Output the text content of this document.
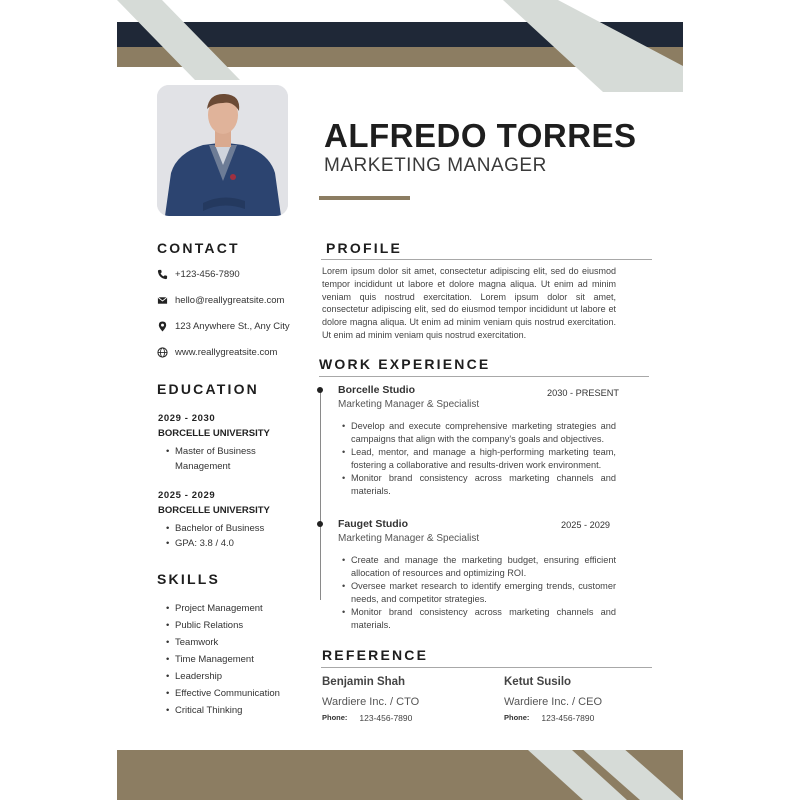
ALFREDO TORRES
MARKETING MANAGER
CONTACT
+123-456-7890
hello@reallygreatsite.com
123 Anywhere St., Any City
www.reallygreatsite.com
EDUCATION
2029 - 2030
BORCELLE UNIVERSITY
• Master of Business
Management
2025 - 2029
BORCELLE UNIVERSITY
• Bachelor of Business
• GPA: 3.8 / 4.0
SKILLS
• Project Management
• Public Relations
• Teamwork
• Time Management
• Leadership
• Effective Communication
• Critical Thinking
PROFILE
Lorem ipsum dolor sit amet, consectetur adipiscing elit, sed do eiusmod tempor incididunt ut labore et dolore magna aliqua. Ut enim ad minim veniam quis nostrud exercitation. Lorem ipsum dolor sit amet, consectetur adipiscing elit, sed do eiusmod tempor incididunt ut labore et dolore magna aliqua. Ut enim ad minim veniam quis nostrud exercitation. Ut enim ad minim veniam quis nostrud exercitation.
WORK EXPERIENCE
Borcelle Studio	2030 - PRESENT
Marketing Manager & Specialist
• Develop and execute comprehensive marketing strategies and campaigns that align with the company's goals and objectives.
• Lead, mentor, and manage a high-performing marketing team, fostering a collaborative and results-driven work environment.
• Monitor brand consistency across marketing channels and materials.
Fauget Studio	2025 - 2029
Marketing Manager & Specialist
• Create and manage the marketing budget, ensuring efficient allocation of resources and optimizing ROI.
• Oversee market research to identify emerging trends, customer needs, and competitor strategies.
• Monitor brand consistency across marketing channels and materials.
REFERENCE
Benjamin Shah
Wardiere Inc. / CTO
Phone: 123-456-7890
Ketut Susilo
Wardiere Inc. / CEO
Phone: 123-456-7890
